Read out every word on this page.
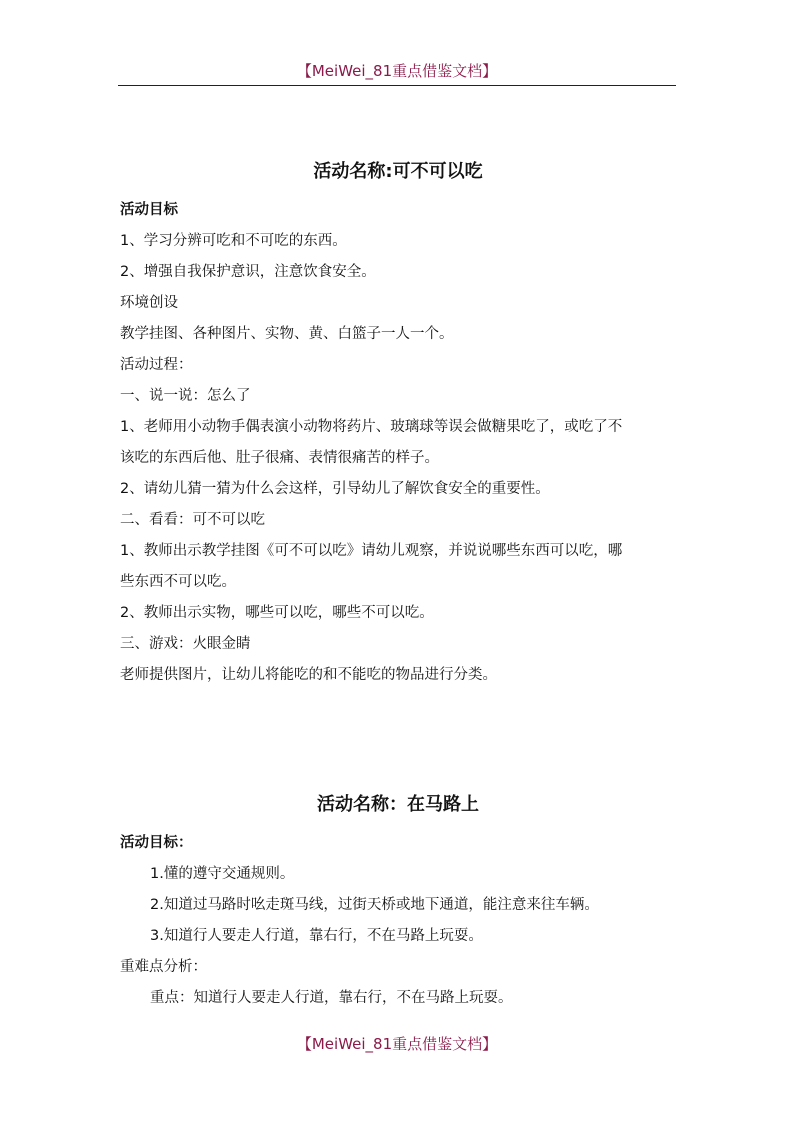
【MeiWei_81重点借鉴文档】
活动名称:可不可以吃
活动目标
1、学习分辨可吃和不可吃的东西。
2、增强自我保护意识，注意饮食安全。
环境创设
教学挂图、各种图片、实物、黄、白篮子一人一个。
活动过程：
一、说一说：怎么了
1、老师用小动物手偶表演小动物将药片、玻璃球等误会做糖果吃了，或吃了不
该吃的东西后他、肚子很痛、表情很痛苦的样子。
2、请幼儿猜一猜为什么会这样，引导幼儿了解饮食安全的重要性。
二、看看：可不可以吃
1、教师出示教学挂图《可不可以吃》请幼儿观察，并说说哪些东西可以吃，哪
些东西不可以吃。
2、教师出示实物，哪些可以吃，哪些不可以吃。
三、游戏：火眼金睛
老师提供图片，让幼儿将能吃的和不能吃的物品进行分类。
活动名称：在马路上
活动目标：
1.懂的遵守交通规则。
2.知道过马路时吆走斑马线，过街天桥或地下通道，能注意来往车辆。
3.知道行人要走人行道，靠右行，不在马路上玩耍。
重难点分析：
重点：知道行人要走人行道，靠右行，不在马路上玩耍。
【MeiWei_81重点借鉴文档】
